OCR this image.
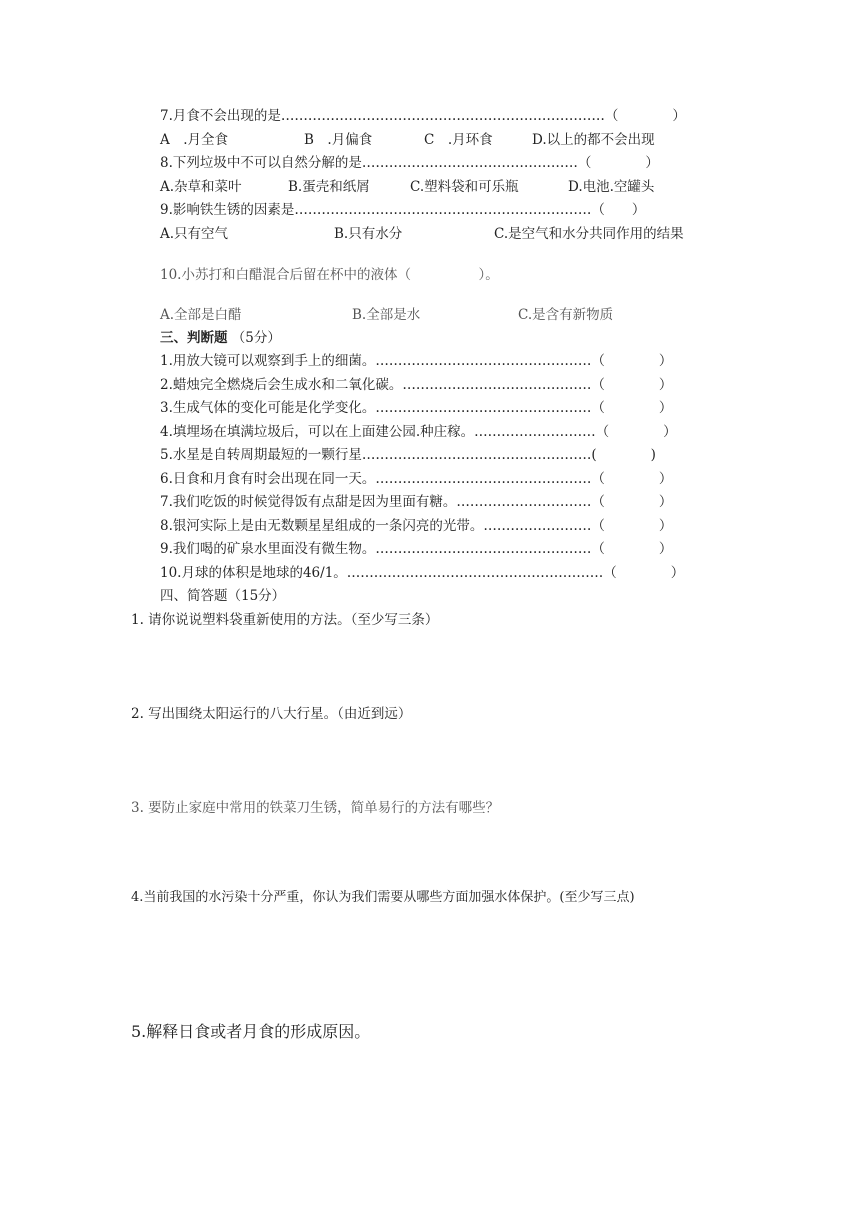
7.月食不会出现的是………………………………………………………………（　　　　）
A　.月全食	B　.月偏食	C　.月环食	D.以上的都不会出现
8.下列垃圾中不可以自然分解的是…………………………………………（　　　　）
A.杂草和菜叶	B.蛋壳和纸屑	C.塑料袋和可乐瓶	D.电池.空罐头
9.影响铁生锈的因素是…………………………………………………………（　　）
A.只有空气	B.只有水分	C.是空气和水分共同作用的结果
10.小苏打和白醋混合后留在杯中的液体（　　　　　）。
A.全部是白醋	B.全部是水	C.是含有新物质
三、判断题 （5分）
1.用放大镜可以观察到手上的细菌。…………………………………………（　　　　）
2.蜡烛完全燃烧后会生成水和二氧化碳。……………………………………（　　　　）
3.生成气体的变化可能是化学变化。…………………………………………（　　　　）
4.填埋场在填满垃圾后，可以在上面建公园.种庄稼。………………………（　　　　）
5.水星是自转周期最短的一颗行星……………………………………………(　　　　)
6.日食和月食有时会出现在同一天。…………………………………………（　　　　）
7.我们吃饭的时候觉得饭有点甜是因为里面有糖。…………………………（　　　　）
8.银河实际上是由无数颗星星组成的一条闪亮的光带。……………………（　　　　）
9.我们喝的矿泉水里面没有微生物。…………………………………………（　　　　）
10.月球的体积是地球的46/1。…………………………………………………（　　　　）
四、简答题（15分）
1. 请你说说塑料袋重新使用的方法。（至少写三条）
2. 写出围绕太阳运行的八大行星。（由近到远）
3. 要防止家庭中常用的铁菜刀生锈，简单易行的方法有哪些？
4.当前我国的水污染十分严重，你认为我们需要从哪些方面加强水体保护。(至少写三点)
5.解释日食或者月食的形成原因。
